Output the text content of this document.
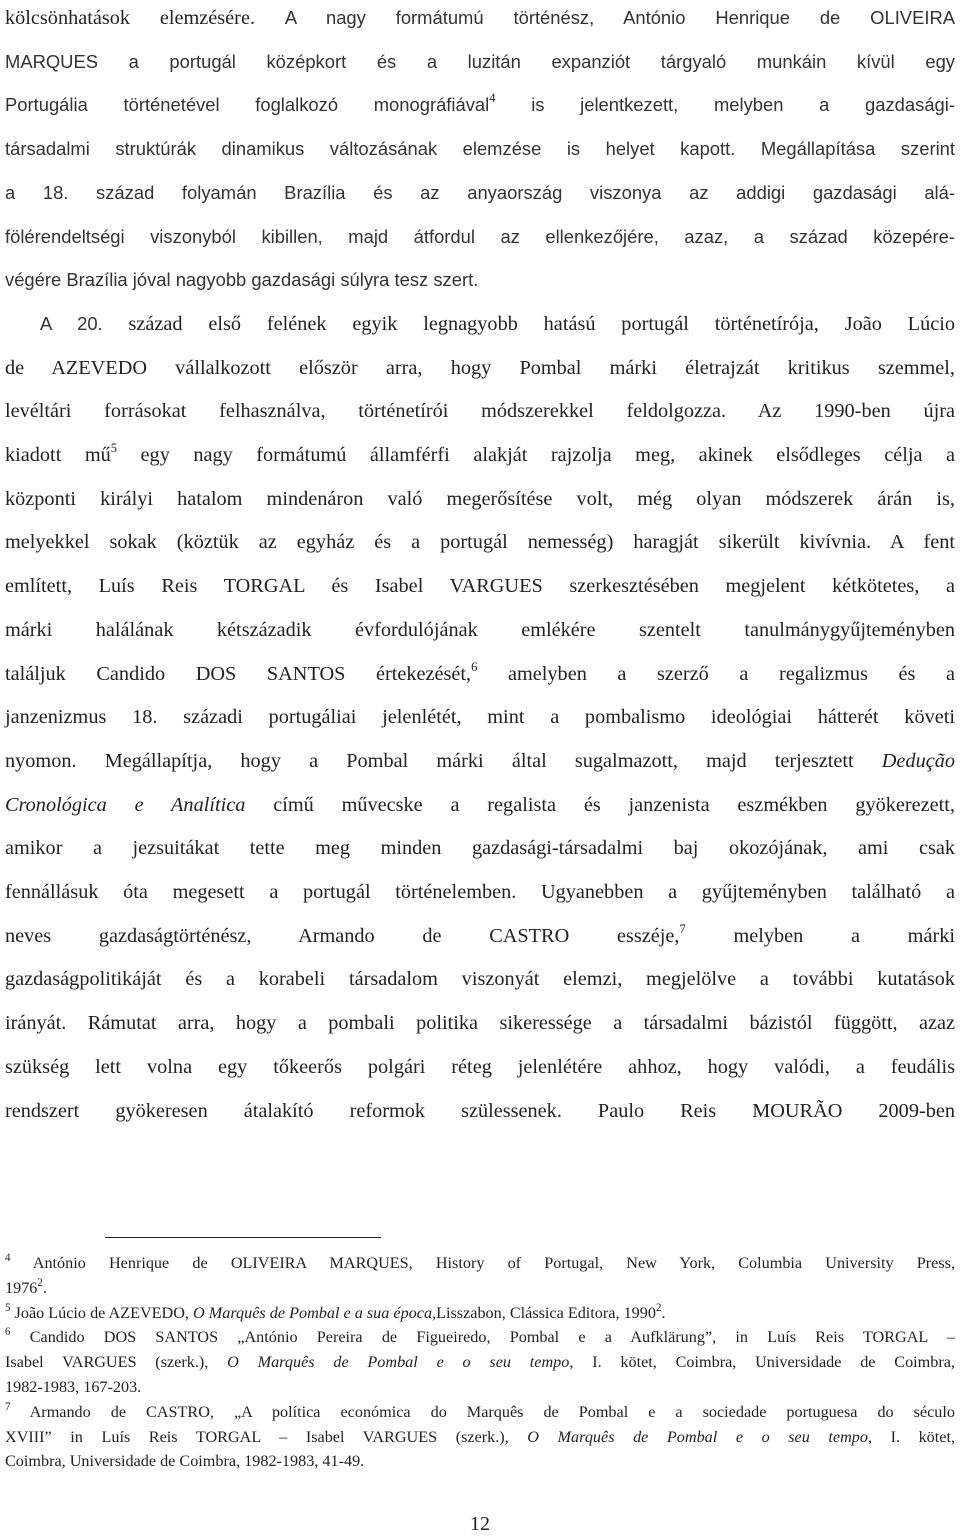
kölcsönhatások elemzésére. A nagy formátumú történész, António Henrique de OLIVEIRA
MARQUES a portugál középkort és a luzitán expanziót tárgyaló munkáin kívül egy
Portugália történetével foglalkozó monográfiával$^4$ is jelentkezett, melyben a gazdasági-
társadalmi struktúrák dinamikus változásának elemzése is helyet kapott. Megállapítása szerint
a 18. század folyamán Brazília és az anyaország viszonya az addigi gazdasági alá-
fölérendeltségi viszonyból kibillen, majd átfordul az ellenkezőjére, azaz, a század közepére-
végére Brazília jóval nagyobb gazdasági súlyra tesz szert.
A 20. század első felének egyik legnagyobb hatású portugál történetírója, João Lúcio
de AZEVEDO vállalkozott először arra, hogy Pombal márki életrajzát kritikus szemmel,
levéltári forrásokat felhasználva, történetírói módszerekkel feldolgozza. Az 1990-ben újra
kiadott $mű^5$ egy nagy formátumú államférfi alakját rajzolja meg, akinek elsődleges célja a
központi királyi hatalom mindenáron való megerősítése volt, még olyan módszerek árán is,
melyekkel sokak (köztük az egyház és a portugál nemesség) haragját sikerült kivívnia. A fent
említett, Luís Reis TORGAL és Isabel VARGUES szerkesztésében megjelent kétkötetes, a
márki halálának kétszázadik évfordulójának emlékére szentelt tanulmánygyűjteményben
találjuk Candido DOS SANTOS értekezését,$^6$ amelyben a szerző a regalizmus és a
janzenizmus 18. századi portugáliai jelenlétét, mint a pombalismo ideológiai hátterét követi
nyomon. Megállapítja, hogy a Pombal márki által sugalmazott, majd terjesztett Dedução
Cronológica e Analítica című művecske a regalista és janzenista eszmékben gyökerezett,
amikor a jezsuitákat tette meg minden gazdasági-társadalmi baj okozójának, ami csak
fennállásuk óta megesett a portugál történelemben. Ugyanebben a gyűjteményben található a
neves gazdaságtörténész, Armando de CASTRO esszéje,$^7$ melyben a márki
gazdaságpolitikáját és a korabeli társadalom viszonyát elemzi, megjelölve a további kutatások
irányát. Rámutat arra, hogy a pombali politika sikeressége a társadalmi bázistól függött, azaz
szükség lett volna egy tőkeerős polgári réteg jelenlétére ahhoz, hogy valódi, a feudális
rendszert gyökeresen átalakító reformok szülessenek. Paulo Reis MOURÃO 2009-ben
$^4$ António Henrique de OLIVEIRA MARQUES, History of Portugal, New York, Columbia University Press,
1976$^2$.
$^5$ João Lúcio de AZEVEDO, O Marquês de Pombal e a sua época,Lisszabon, Clássica Editora, 1990$^2$.
$^6$ Candido DOS SANTOS „António Pereira de Figueiredo, Pombal e a Aufklärung”, in Luís Reis TORGAL –
Isabel VARGUES (szerk.), O Marquês de Pombal e o seu tempo, I. kötet, Coimbra, Universidade de Coimbra,
1982-1983, 167-203.
$^7$ Armando de CASTRO, „A política económica do Marquês de Pombal e a sociedade portuguesa do século
XVIII” in Luís Reis TORGAL – Isabel VARGUES (szerk.), O Marquês de Pombal e o seu tempo, I. kötet,
Coimbra, Universidade de Coimbra, 1982-1983, 41-49.
12
